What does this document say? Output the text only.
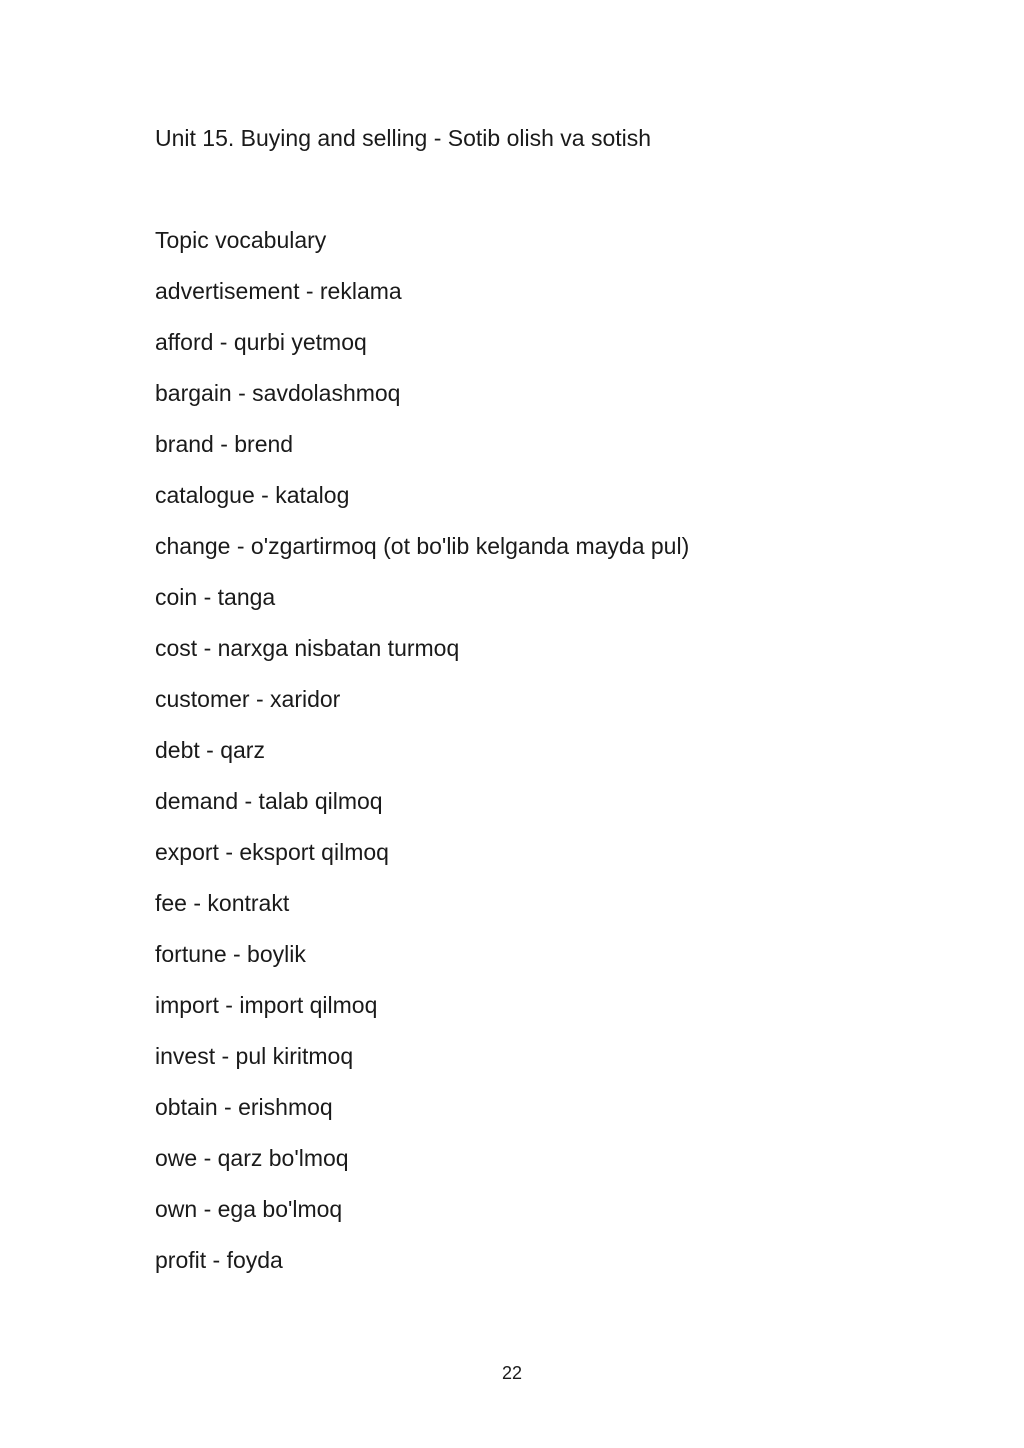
Unit 15. Buying and selling - Sotib olish va sotish
Topic vocabulary
advertisement - reklama
afford - qurbi yetmoq
bargain - savdolashmoq
brand - brend
catalogue - katalog
change - o'zgartirmoq (ot bo'lib kelganda mayda pul)
coin - tanga
cost - narxga nisbatan turmoq
customer - xaridor
debt - qarz
demand - talab qilmoq
export - eksport qilmoq
fee - kontrakt
fortune - boylik
import - import qilmoq
invest - pul kiritmoq
obtain - erishmoq
owe - qarz bo'lmoq
own - ega bo'lmoq
profit - foyda
22
